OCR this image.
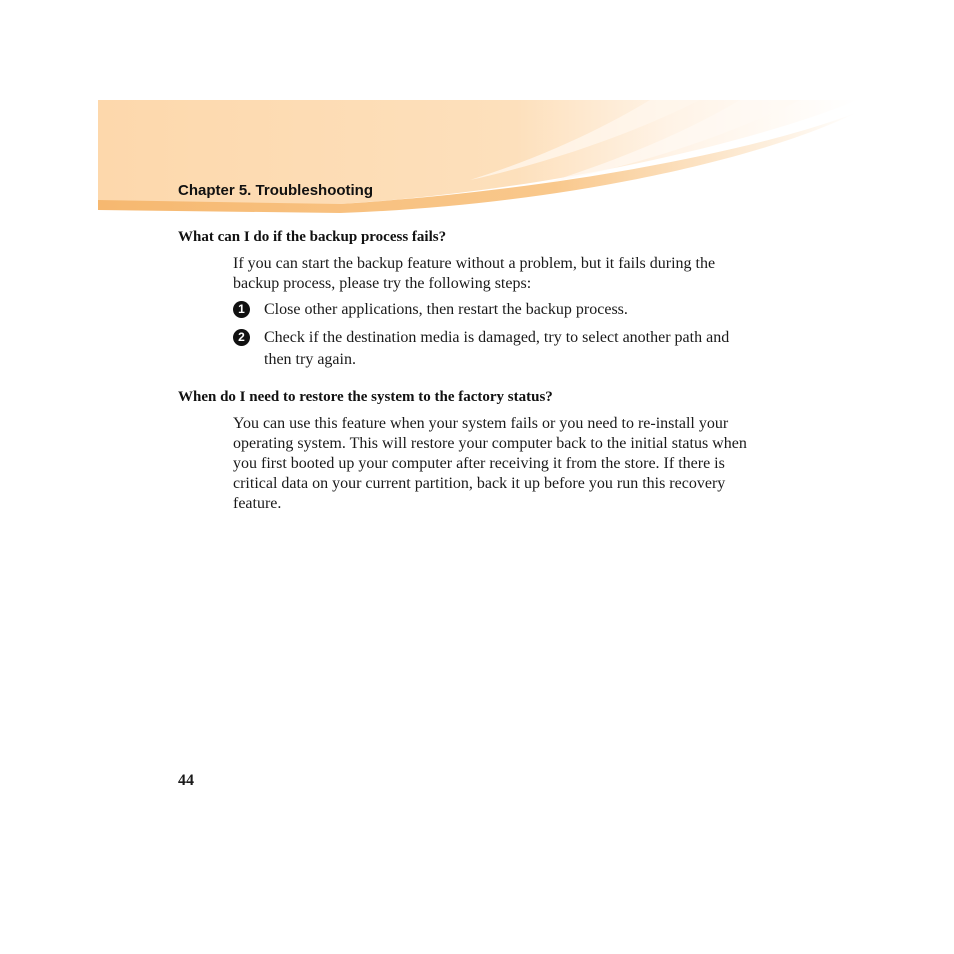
Chapter 5. Troubleshooting
What can I do if the backup process fails?
If you can start the backup feature without a problem, but it fails during the backup process, please try the following steps:
1	Close other applications, then restart the backup process.
2	Check if the destination media is damaged, try to select another path and then try again.
When do I need to restore the system to the factory status?
You can use this feature when your system fails or you need to re-install your operating system. This will restore your computer back to the initial status when you first booted up your computer after receiving it from the store. If there is critical data on your current partition, back it up before you run this recovery feature.
44
